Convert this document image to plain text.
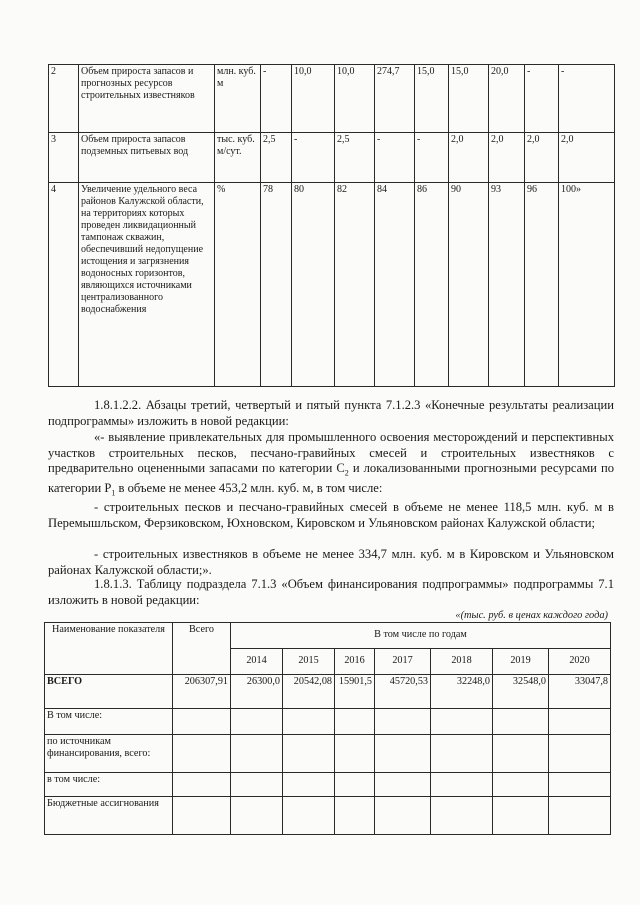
2	Объем прироста запасов и прогнозных ресурсов строительных известняков	млн. куб. м	-	10,0	10,0	274,7	15,0	15,0	20,0	-	-
3	Объем прироста запасов подземных питьевых вод	тыс. куб. м/сут.	2,5	-	2,5	-	-	2,0	2,0	2,0	2,0
4	Увеличение удельного веса районов Калужской области, на территориях которых проведен ликвидационный тампонаж скважин, обеспечивший недопущение истощения и загрязнения водоносных горизонтов, являющихся источниками централизованного водоснабжения	%	78	80	82	84	86	90	93	96	100»
1.8.1.2.2. Абзацы третий, четвертый и пятый пункта 7.1.2.3 «Конечные результаты реализации подпрограммы» изложить в новой редакции:
«- выявление привлекательных для промышленного освоения месторождений и перспективных участков строительных песков, песчано-гравийных смесей и строительных известняков с предварительно оцененными запасами по категории $C_2$ и локализованными прогнозными ресурсами по категории $P_1$ в объеме не менее 453,2 млн. куб. м, в том числе:
- строительных песков и песчано-гравийных смесей в объеме не менее 118,5 млн. куб. м в Перемышльском, Ферзиковском, Юхновском, Кировском и Ульяновском районах Калужской области;
- строительных известняков в объеме не менее 334,7 млн. куб. м в Кировском и Ульяновском районах Калужской области;».
1.8.1.3. Таблицу подраздела 7.1.3 «Объем финансирования подпрограммы» подпрограммы 7.1 изложить в новой редакции:
«(тыс. руб. в ценах каждого года)
Наименование показателя	Всего	В том числе по годам						
		2014	2015	2016	2017	2018	2019	2020
ВСЕГО	206307,91	26300,0	20542,08	15901,5	45720,53	32248,0	32548,0	33047,8
В том числе:								
по источникам финансирования, всего:								
в том числе:								
Бюджетные ассигнования								
